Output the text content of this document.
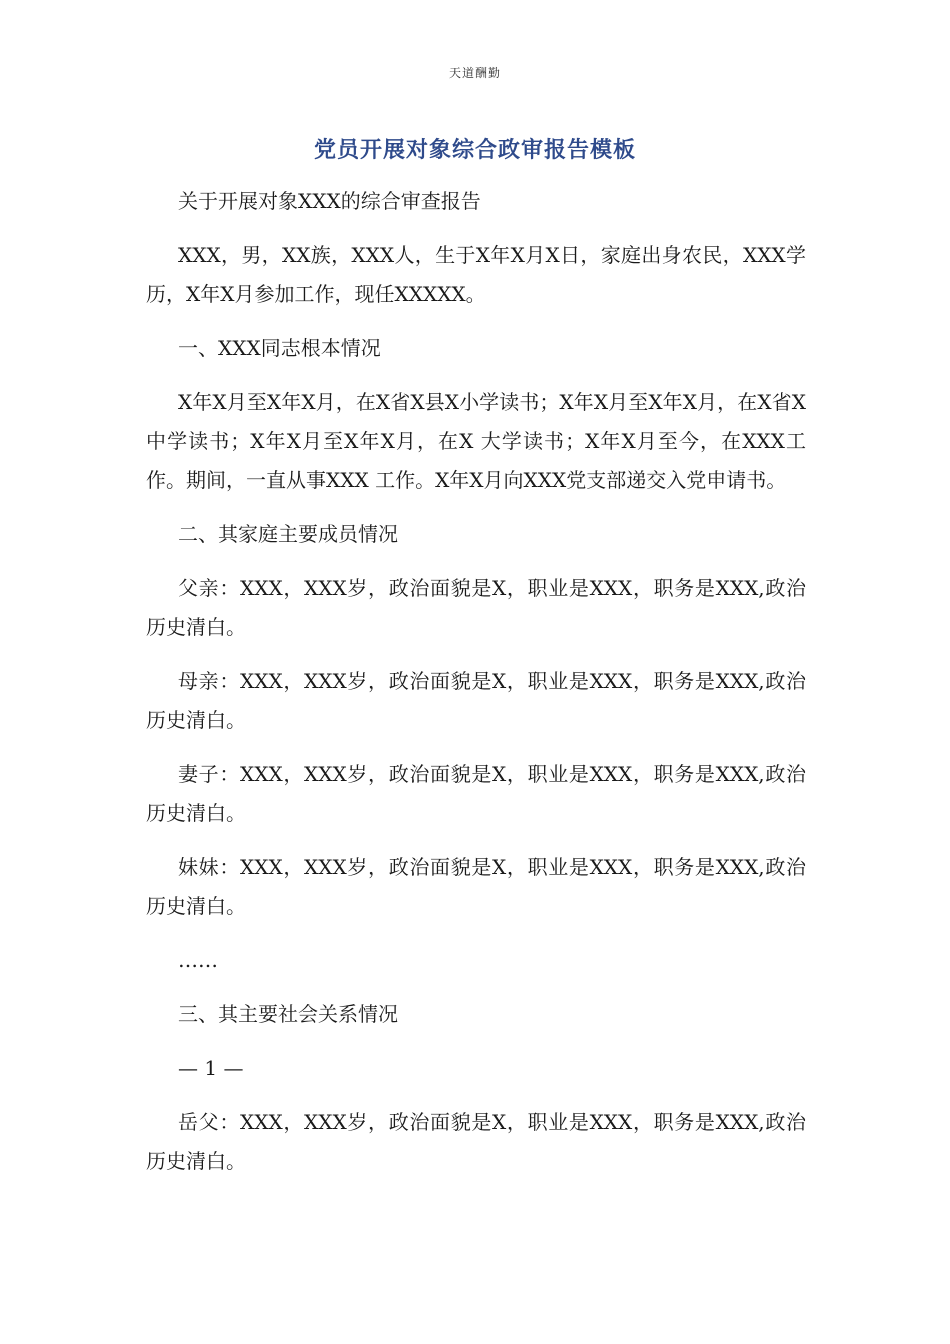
天道酬勤
党员开展对象综合政审报告模板

关于开展对象XXX的综合审查报告

XXX，男，XX族，XXX人，生于X年X月X日，家庭出身农民，XXX学历，X年X月参加工作，现任XXXXX。

一、XXX同志根本情况

X年X月至X年X月，在X省X县X小学读书；X年X月至X年X月，在X省X中学读书；X年X月至X年X月，在X 大学读书；X年X月至今，在XXX工作。期间，一直从事XXX 工作。X年X月向XXX党支部递交入党申请书。

二、其家庭主要成员情况

父亲：XXX，XXX岁，政治面貌是X，职业是XXX，职务是XXX,政治历史清白。

母亲：XXX，XXX岁，政治面貌是X，职业是XXX，职务是XXX,政治历史清白。

妻子：XXX，XXX岁，政治面貌是X，职业是XXX，职务是XXX,政治历史清白。

妹妹：XXX，XXX岁，政治面貌是X，职业是XXX，职务是XXX,政治历史清白。

……

三、其主要社会关系情况

— 1 —

岳父：XXX，XXX岁，政治面貌是X，职业是XXX，职务是XXX,政治历史清白。
